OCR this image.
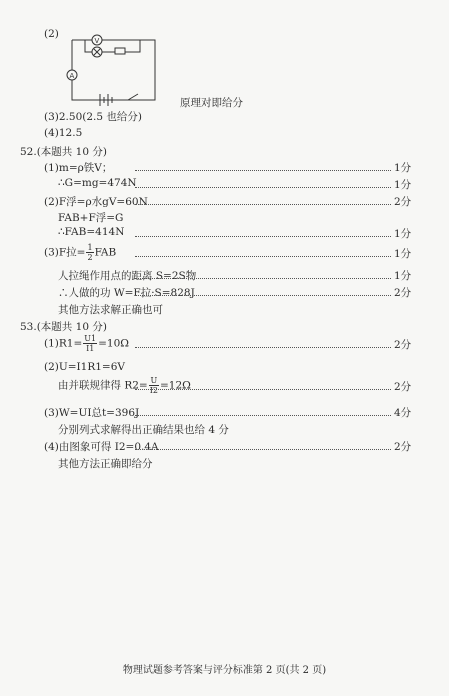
(2)
A
V
原理对即给分
(3)2.50(2.5 也给分)
(4)12.5
52.(本题共 10 分)
(1)m=ρ铁V；	1分
∴G=mg=474N	1分
(2)F浮=ρ水gV=60N	2分
FAB+F浮=G
∴FAB=414N	1分
(3)F拉= $\frac{1}{2}$ FAB	1分
人拉绳作用点的距离 S=2S物	1分
∴人做的功 W=F拉·S=828J	2分
其他方法求解正确也可
53.(本题共 10 分)
$(1)R1= \frac{U1}{I1} =10\Omega$	2分
(2)U=I1R1=6V
由并联规律得 $R2= \frac{U}{I2} =12\Omega$	2分
(3)W=UI总t=396J	4分
分别列式求解得出正确结果也给 4 分
(4)由图象可得 I2=0.4A	2分
其他方法正确即给分
物理试题参考答案与评分标准第 2 页(共 2 页)
